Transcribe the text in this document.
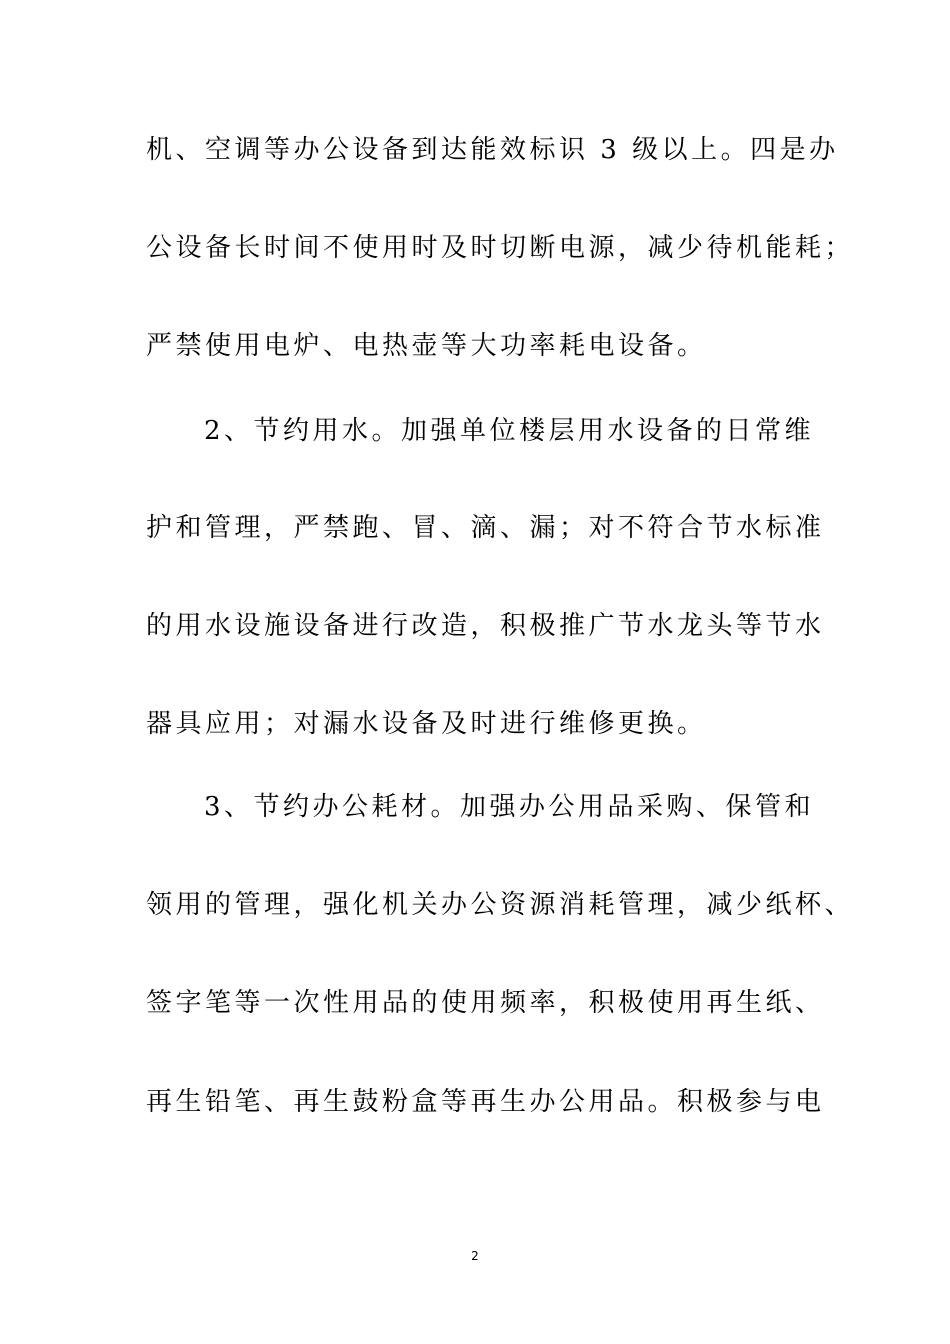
机、空调等办公设备到达能效标识 3 级以上。四是办
公设备长时间不使用时及时切断电源，减少待机能耗；
严禁使用电炉、电热壶等大功率耗电设备。
2、节约用水。加强单位楼层用水设备的日常维
护和管理，严禁跑、冒、滴、漏；对不符合节水标准
的用水设施设备进行改造，积极推广节水龙头等节水
器具应用；对漏水设备及时进行维修更换。
3、节约办公耗材。加强办公用品采购、保管和
领用的管理，强化机关办公资源消耗管理，减少纸杯、
签字笔等一次性用品的使用频率，积极使用再生纸、
再生铅笔、再生鼓粉盒等再生办公用品。积极参与电
2
